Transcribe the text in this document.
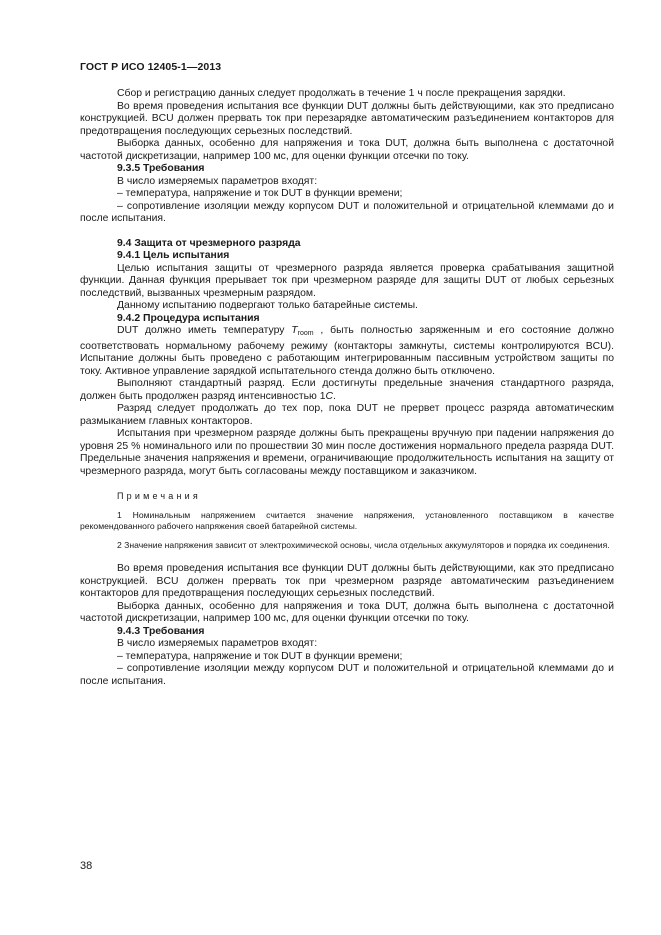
ГОСТ Р ИСО 12405-1—2013

Сбор и регистрацию данных следует продолжать в течение 1 ч после прекращения зарядки.

Во время проведения испытания все функции DUT должны быть действующими, как это предписано конструкцией. BCU должен прервать ток при перезарядке автоматическим разъединением контакторов для предотвращения последующих серьезных последствий.

Выборка данных, особенно для напряжения и тока DUT, должна быть выполнена с достаточной частотой дискретизации, например 100 мс, для оценки функции отсечки по току.

9.3.5 Требования

В число измеряемых параметров входят:

– температура, напряжение и ток DUT в функции времени;

– сопротивление изоляции между корпусом DUT и положительной и отрицательной клеммами до и после испытания.

9.4 Защита от чрезмерного разряда

9.4.1 Цель испытания

Целью испытания защиты от чрезмерного разряда является проверка срабатывания защитной функции. Данная функция прерывает ток при чрезмерном разряде для защиты DUT от любых серьезных последствий, вызванных чрезмерным разрядом.

Данному испытанию подвергают только батарейные системы.

9.4.2 Процедура испытания

DUT должно иметь температуру $T_{room}$ , быть полностью заряженным и его состояние должно соответствовать нормальному рабочему режиму (контакторы замкнуты, системы контролируются BCU). Испытание должны быть проведено с работающим интегрированным пассивным устройством защиты по току. Активное управление зарядкой испытательного стенда должно быть отключено.

Выполняют стандартный разряд. Если достигнуты предельные значения стандартного разряда, должен быть продолжен разряд интенсивностью 1C.

Разряд следует продолжать до тех пор, пока DUT не прервет процесс разряда автоматическим размыканием главных контакторов.

Испытания при чрезмерном разряде должны быть прекращены вручную при падении напряжения до уровня 25 % номинального или по прошествии 30 мин после достижения нормального предела разряда DUT. Предельные значения напряжения и времени, ограничивающие продолжительность испытания на защиту от чрезмерного разряда, могут быть согласованы между поставщиком и заказчиком.

Примечания

1 Номинальным напряжением считается значение напряжения, установленного поставщиком в качестве рекомендованного рабочего напряжения своей батарейной системы.

2 Значение напряжения зависит от электрохимической основы, числа отдельных аккумуляторов и порядка их соединения.

Во время проведения испытания все функции DUT должны быть действующими, как это предписано конструкцией. BCU должен прервать ток при чрезмерном разряде автоматическим разъединением контакторов для предотвращения последующих серьезных последствий.

Выборка данных, особенно для напряжения и тока DUT, должна быть выполнена с достаточной частотой дискретизации, например 100 мс, для оценки функции отсечки по току.

9.4.3 Требования

В число измеряемых параметров входят:

– температура, напряжение и ток DUT в функции времени;

– сопротивление изоляции между корпусом DUT и положительной и отрицательной клеммами до и после испытания.

38
